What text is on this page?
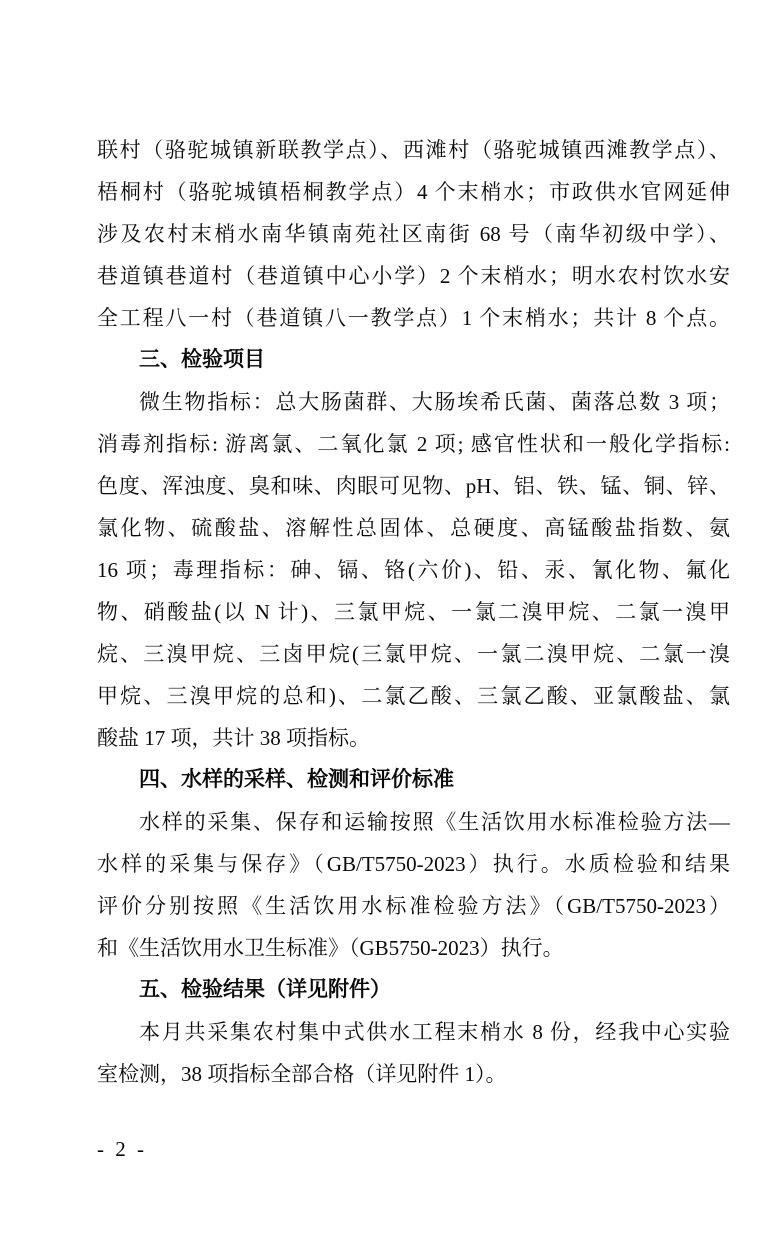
联村（骆驼城镇新联教学点）、西滩村（骆驼城镇西滩教学点）、
梧桐村（骆驼城镇梧桐教学点）4 个末梢水；市政供水官网延伸
涉及农村末梢水南华镇南苑社区南街 68 号（南华初级中学）、
巷道镇巷道村（巷道镇中心小学）2 个末梢水；明水农村饮水安
全工程八一村（巷道镇八一教学点）1 个末梢水；共计 8 个点。
三、检验项目
微生物指标：总大肠菌群、大肠埃希氏菌、菌落总数 3 项；
消毒剂指标: 游离氯、二氧化氯 2 项; 感官性状和一般化学指标:
色度、浑浊度、臭和味、肉眼可见物、pH、铝、铁、锰、铜、锌、
氯化物、硫酸盐、溶解性总固体、总硬度、高锰酸盐指数、氨
16 项；毒理指标：砷、镉、铬(六价)、铅、汞、氰化物、氟化
物、硝酸盐(以 N 计)、三氯甲烷、一氯二溴甲烷、二氯一溴甲
烷、三溴甲烷、三卤甲烷(三氯甲烷、一氯二溴甲烷、二氯一溴
甲烷、三溴甲烷的总和)、二氯乙酸、三氯乙酸、亚氯酸盐、氯
酸盐 17 项，共计 38 项指标。
四、水样的采样、检测和评价标准
水样的采集、保存和运输按照《生活饮用水标准检验方法—
水样的采集与保存》（GB/T5750-2023）执行。水质检验和结果
评价分别按照《生活饮用水标准检验方法》（GB/T5750-2023）
和《生活饮用水卫生标准》（GB5750-2023）执行。
五、检验结果（详见附件）
本月共采集农村集中式供水工程末梢水 8 份，经我中心实验
室检测，38 项指标全部合格（详见附件 1）。
- 2 -
